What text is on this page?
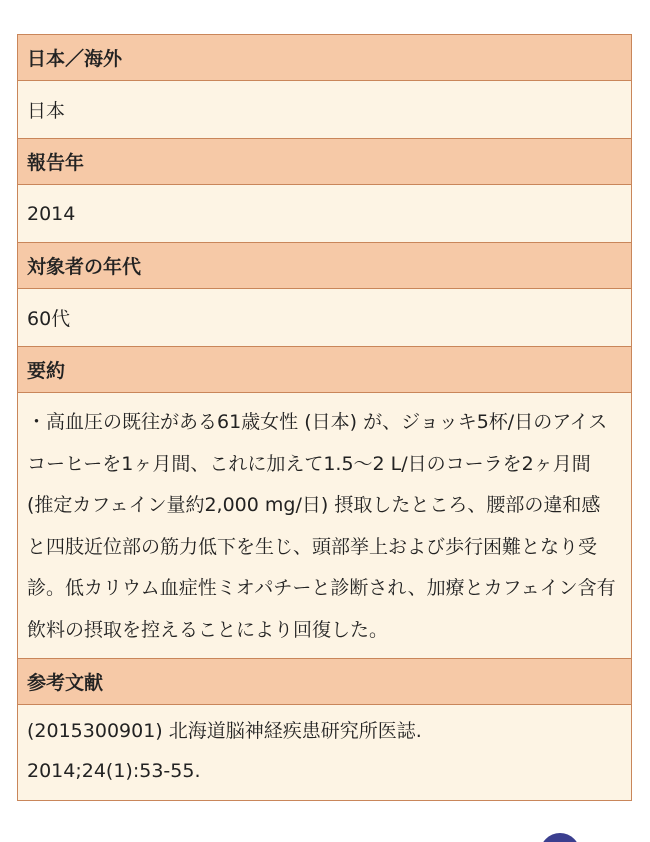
日本／海外
日本
報告年
2014
対象者の年代
60代
要約
・高血圧の既往がある61歳女性 (日本) が、ジョッキ5杯/日のアイスコーヒーを1ヶ月間、これに加えて1.5〜2 L/日のコーラを2ヶ月間 (推定カフェイン量約2,000 mg/日) 摂取したところ、腰部の違和感と四肢近位部の筋力低下を生じ、頭部挙上および歩行困難となり受診。低カリウム血症性ミオパチーと診断され、加療とカフェイン含有飲料の摂取を控えることにより回復した。
参考文献
(2015300901) 北海道脳神経疾患研究所医誌.
2014;24(1):53-55.
